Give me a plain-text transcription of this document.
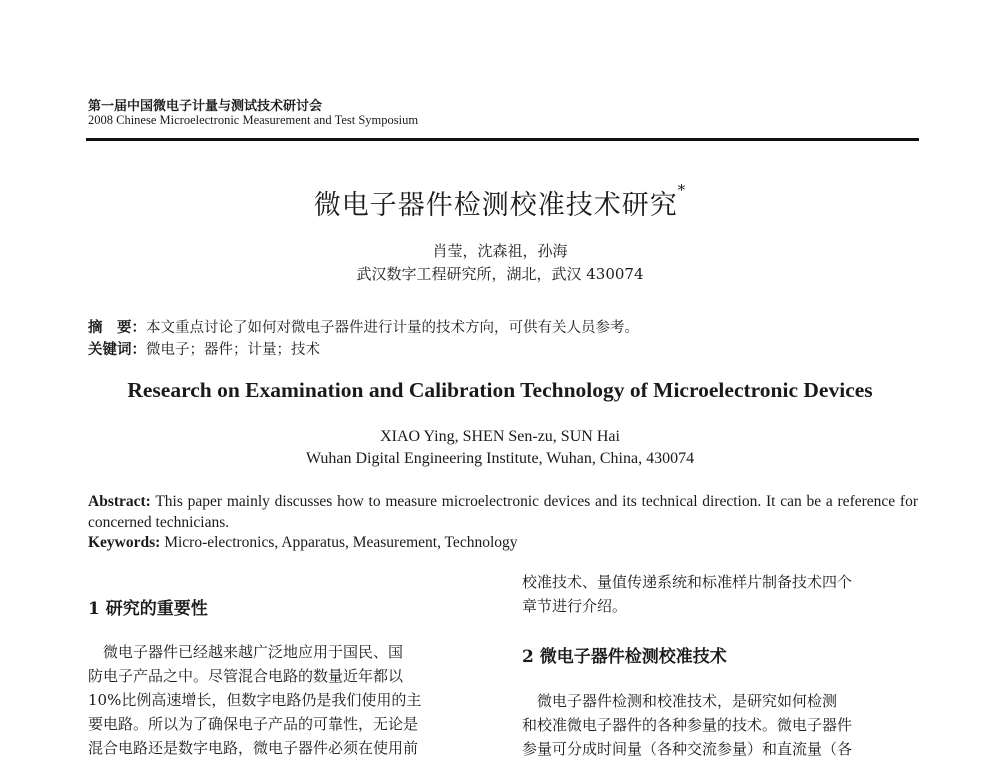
第一届中国微电子计量与测试技术研讨会
2008 Chinese Microelectronic Measurement and Test Symposium
微电子器件检测校准技术研究*
肖莹，沈森祖，孙海
武汉数字工程研究所，湖北，武汉 430074
摘　要：本文重点讨论了如何对微电子器件进行计量的技术方向，可供有关人员参考。
关键词：微电子；器件；计量；技术
Research on Examination and Calibration Technology of Microelectronic Devices
XIAO Ying, SHEN Sen-zu, SUN Hai
Wuhan Digital Engineering Institute, Wuhan, China, 430074
Abstract: This paper mainly discusses how to measure microelectronic devices and its technical direction. It can be a reference for concerned technicians.
Keywords: Micro-electronics, Apparatus, Measurement, Technology
1 研究的重要性
　微电子器件已经越来越广泛地应用于国民、国
防电子产品之中。尽管混合电路的数量近年都以
10%比例高速增长，但数字电路仍是我们使用的主
要电路。所以为了确保电子产品的可靠性，无论是
混合电路还是数字电路，微电子器件必须在使用前
校准技术、量值传递系统和标准样片制备技术四个
章节进行介绍。
2 微电子器件检测校准技术
　微电子器件检测和校准技术，是研究如何检测
和校准微电子器件的各种参量的技术。微电子器件
参量可分成时间量（各种交流参量）和直流量（各
